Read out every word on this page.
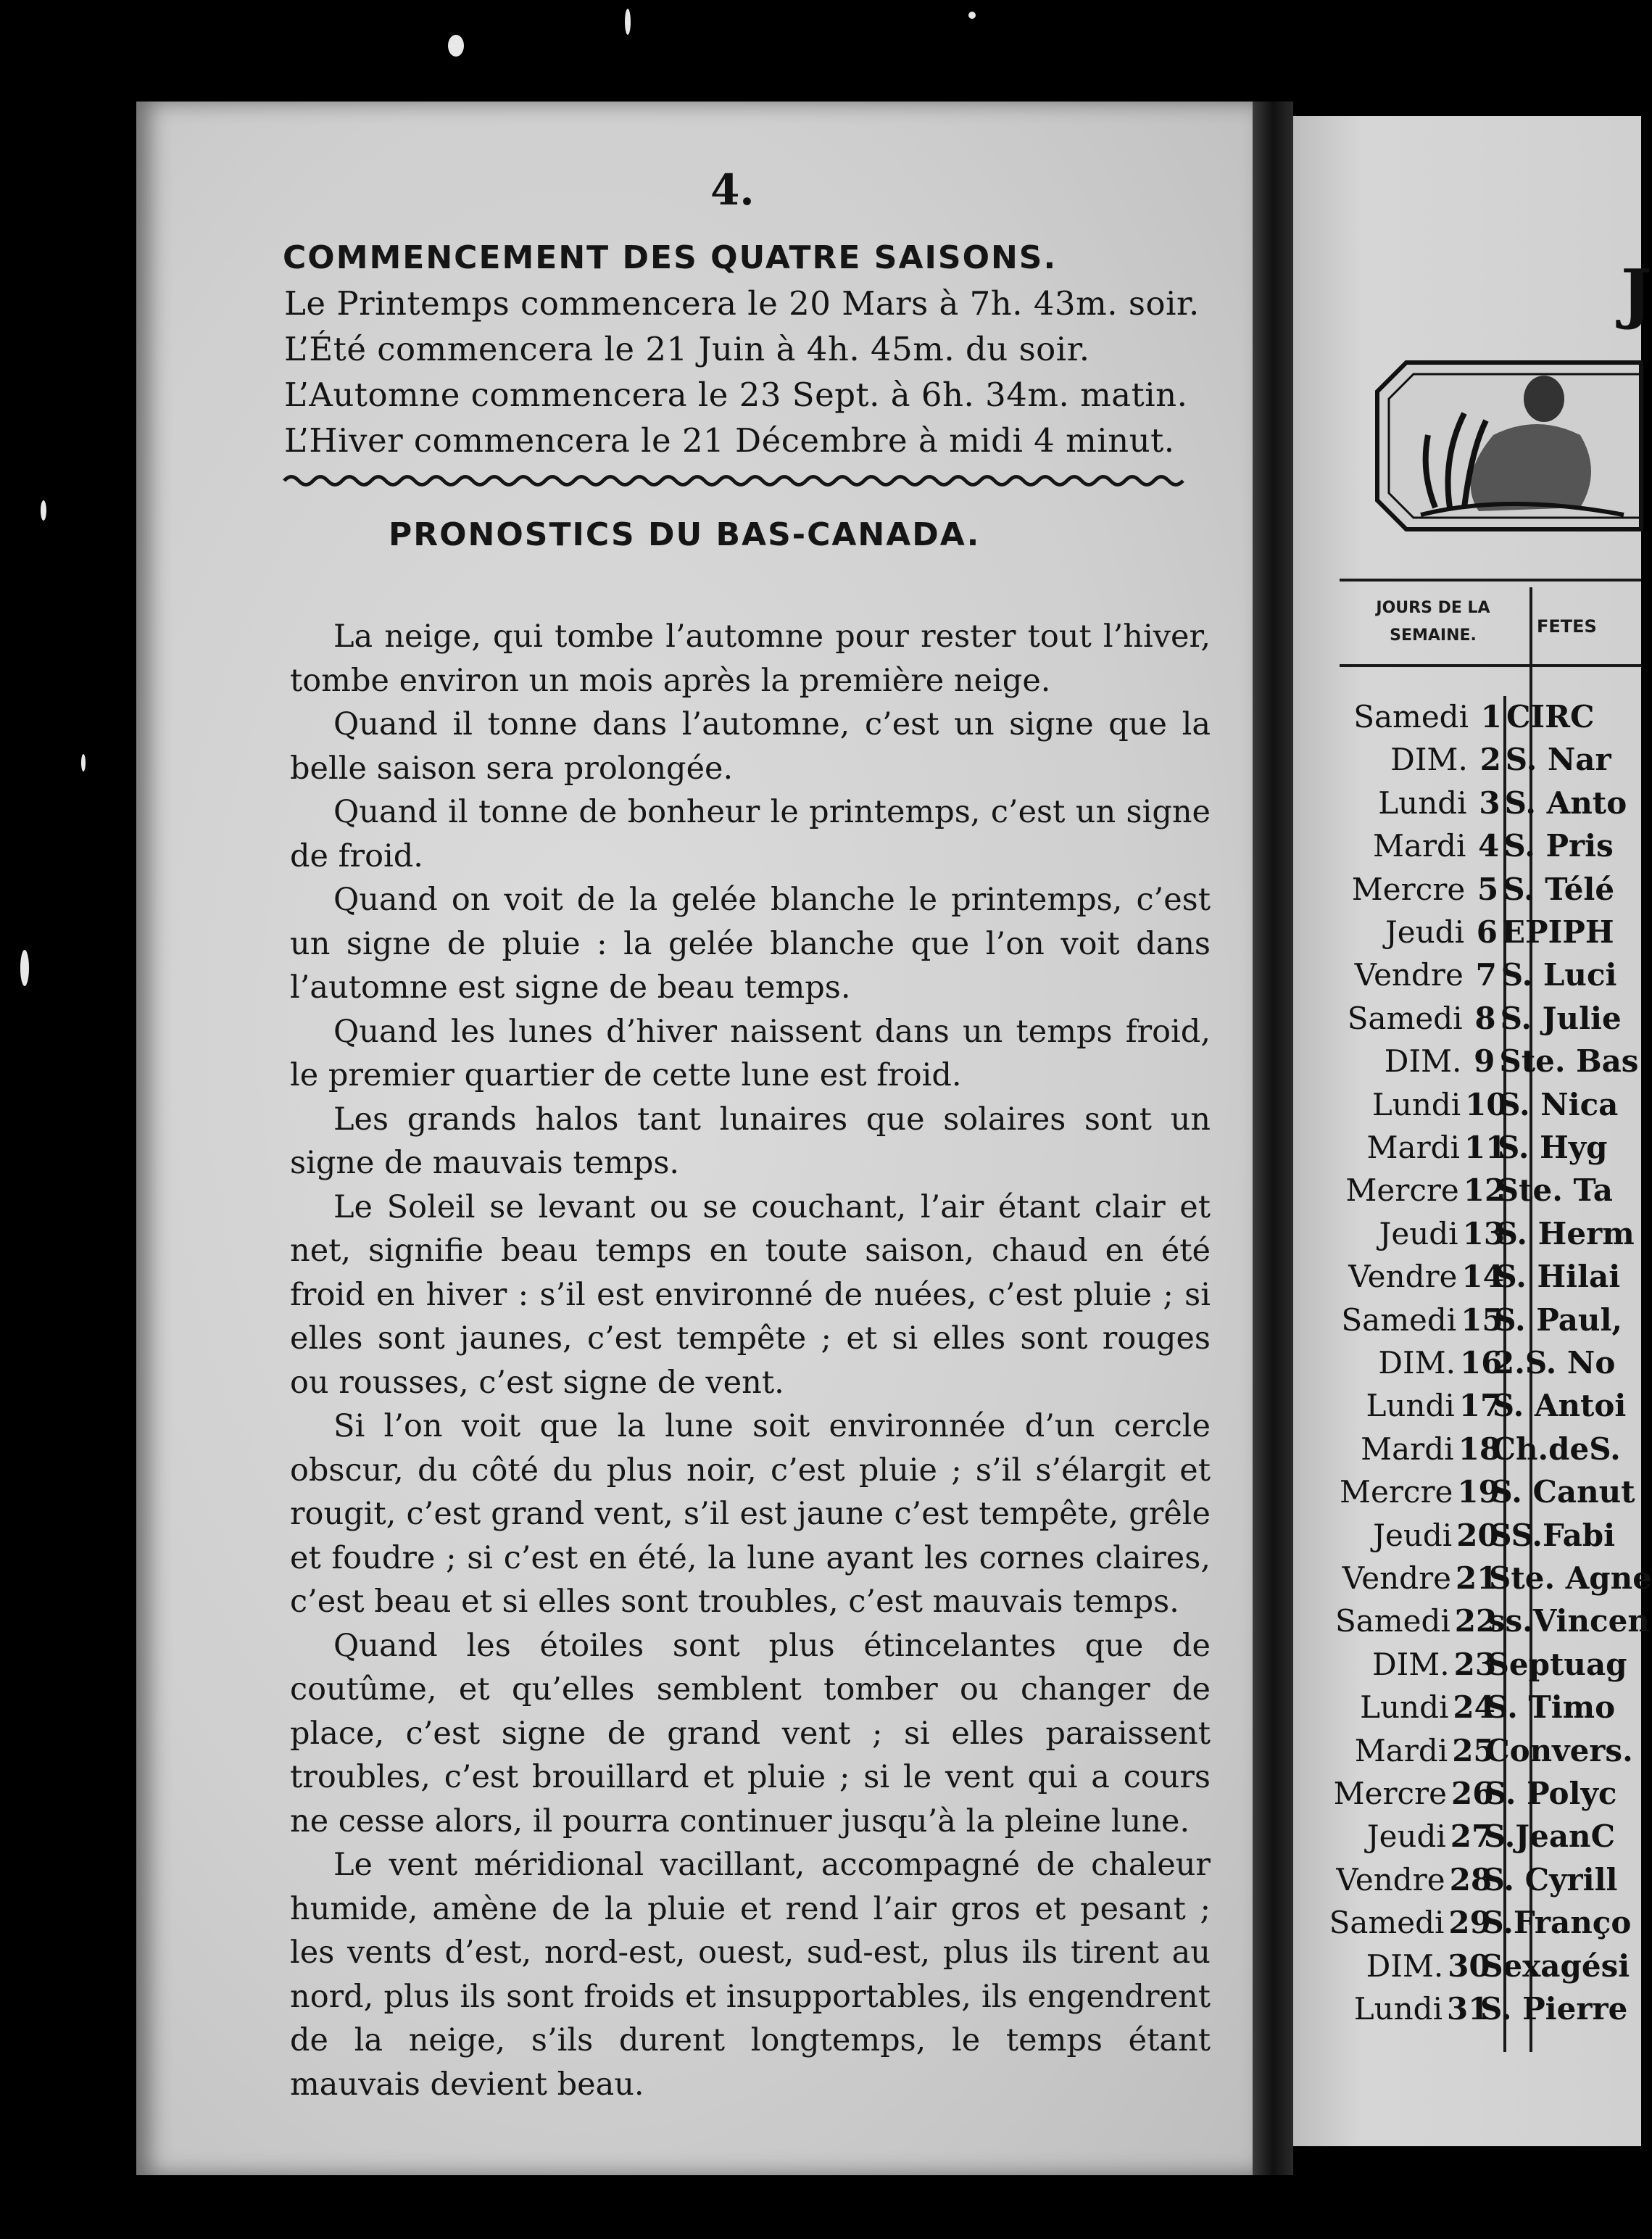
4.
COMMENCEMENT DES QUATRE SAISONS.
Le Printemps commencera le 20 Mars à 7h. 43m. soir.
L’Été commencera le 21 Juin à 4h. 45m. du soir.
L’Automne commencera le 23 Sept. à 6h. 34m. matin.
L’Hiver commencera le 21 Décembre à midi 4 minut.
PRONOSTICS DU BAS-CANADA.

La neige, qui tombe l’automne pour rester tout l’hiver, tombe environ un mois après la première neige.

Quand il tonne dans l’automne, c’est un signe que la belle saison sera prolongée.

Quand il tonne de bonheur le printemps, c’est un signe de froid.

Quand on voit de la gelée blanche le printemps, c’est un signe de pluie : la gelée blanche que l’on voit dans l’automne est signe de beau temps.

Quand les lunes d’hiver naissent dans un temps froid, le premier quartier de cette lune est froid.

Les grands halos tant lunaires que solaires sont un signe de mauvais temps.

Le Soleil se levant ou se couchant, l’air étant clair et net, signifie beau temps en toute saison, chaud en été froid en hiver : s’il est environné de nuées, c’est pluie ; si elles sont jaunes, c’est tempête ; et si elles sont rouges ou rousses, c’est signe de vent.

Si l’on voit que la lune soit environnée d’un cercle obscur, du côté du plus noir, c’est pluie ; s’il s’élargit et rougit, c’est grand vent, s’il est jaune c’est tempête, grêle et foudre ; si c’est en été, la lune ayant les cornes claires, c’est beau et si elles sont troubles, c’est mauvais temps.

Quand les étoiles sont plus étincelantes que de coutûme, et qu’elles semblent tomber ou changer de place, c’est signe de grand vent ; si elles paraissent troubles, c’est brouillard et pluie ; si le vent qui a cours ne cesse alors, il pourra continuer jusqu’à la pleine lune.

Le vent méridional vacillant, accompagné de chaleur humide, amène de la pluie et rend l’air gros et pesant ; les vents d’est, nord-est, ouest, sud-est, plus ils tirent au nord, plus ils sont froids et insupportables, ils engendrent de la neige, s’ils durent longtemps, le temps étant mauvais devient beau.

J
JOURS DE LA SEMAINE.	FETES
Samedi 1 CIRC
DIM. 2 S. Nar
Lundi 3 S. Anto
Mardi 4 S. Pris
Mercre 5 S. Télé
Jeudi 6 EPIPH
Vendre 7 S. Luci
Samedi 8 S. Julie
DIM. 9 Ste. Bas
Lundi 10
S. Nica
Mardi 11
S. Hyg
Mercre 12
Ste. Ta
Jeudi 13
S. Herm
Vendre 14
S. Hilai
Samedi 15
S. Paul,
DIM. 16
2.S. No
Lundi 17
S. Antoi
Mardi 18
Ch.deS.
Mercre 19
S. Canut
Jeudi 20
SS.Fabi
Vendre 21
Ste. Agne
Samedi 22
ss.Vincen
DIM. 23
Septuag
Lundi 24
S. Timo
Mardi 25
Convers.
Mercre 26
S. Polyc
Jeudi 27
S.JeanC
Vendre 28
S. Cyrill
Samedi 29
S.Franço
DIM. 30
Sexagési
Lundi 31
S. Pierre
